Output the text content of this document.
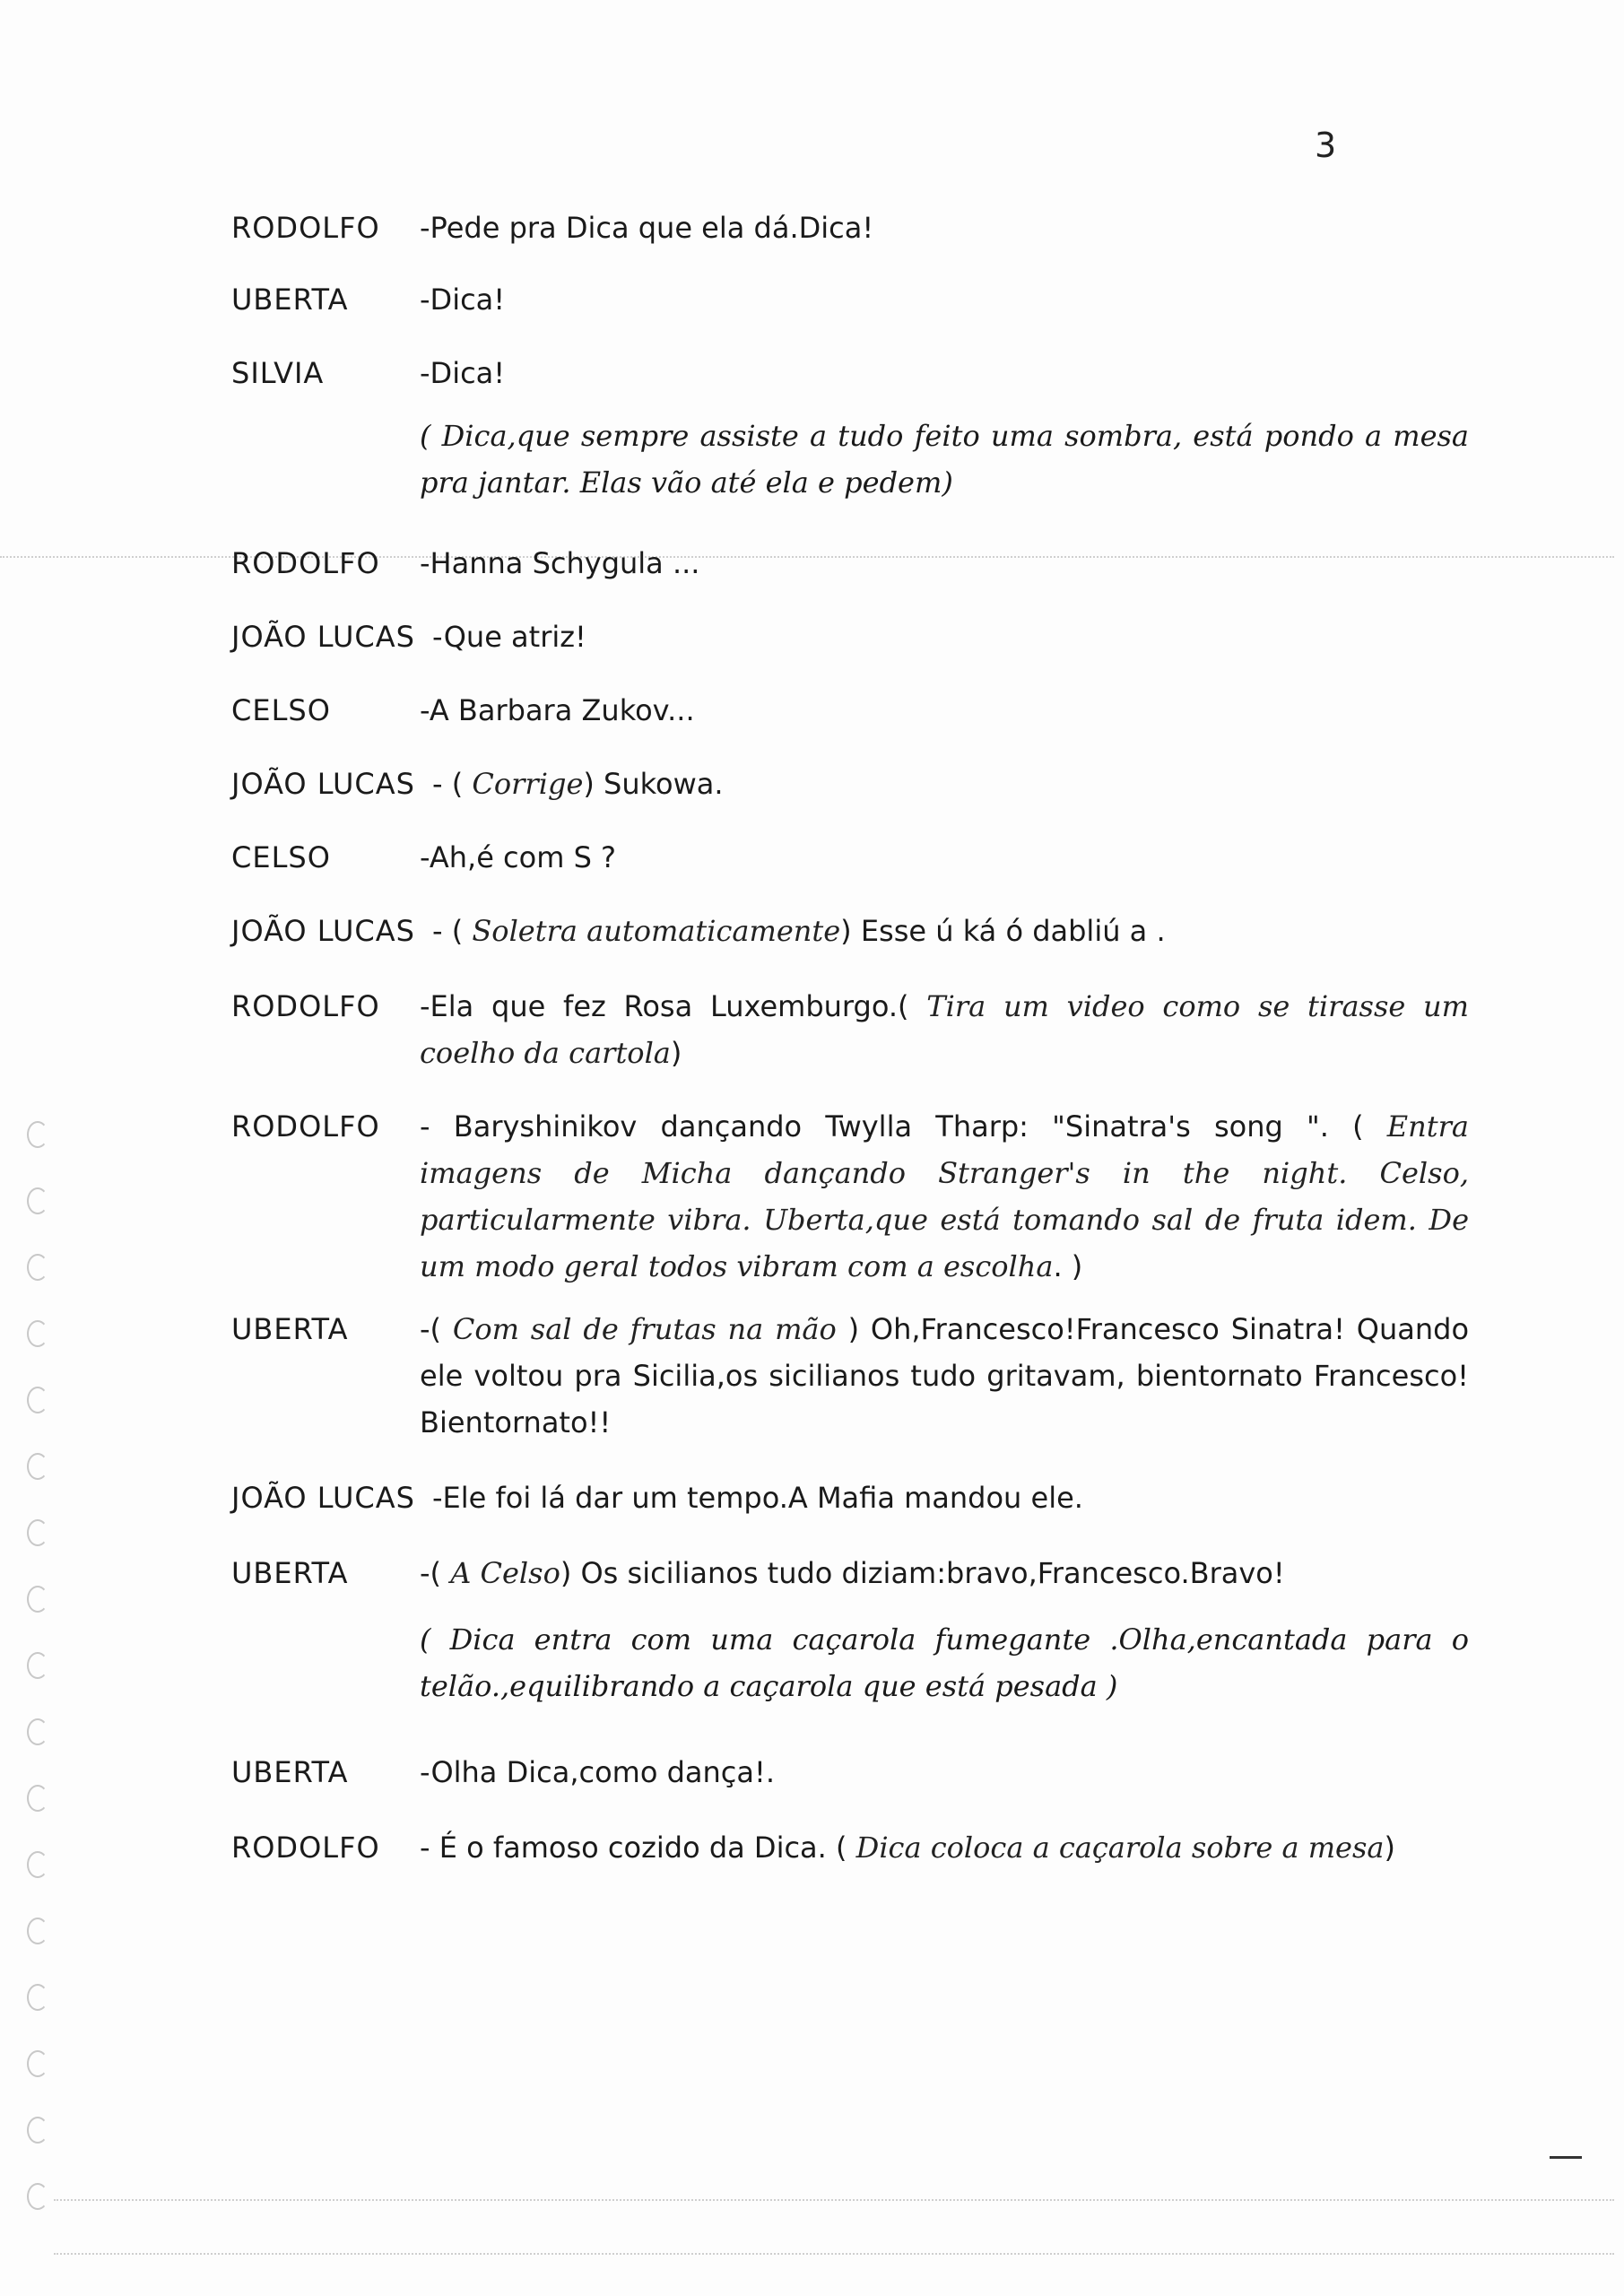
3
RODOLFO -Pede pra Dica que ela dá.Dica!
UBERTA -Dica!
SILVIA	-Dica!
( Dica,que sempre assiste a tudo feito uma sombra, está pondo a mesa pra jantar. Elas vão até ela e pedem)
RODOLFO -Hanna Schygula ...
JOÃO LUCAS -Que atriz!
CELSO	-A Barbara Zukov...
JOÃO LUCAS - ( Corrige) Sukowa.
CELSO	-Ah,é com S ?
JOÃO LUCAS - ( Soletra automaticamente) Esse ú ká ó dabliú a .
RODOLFO -Ela que fez Rosa Luxemburgo.( Tira um video como se tirasse um coelho da cartola)
RODOLFO - Baryshinikov dançando Twylla Tharp: "Sinatra's song ". ( Entra imagens de Micha dançando Stranger's in the night. Celso, particularmente vibra. Uberta,que está tomando sal de fruta idem. De um modo geral todos vibram com a escolha. )
UBERTA -( Com sal de frutas na mão ) Oh,Francesco!Francesco Sinatra! Quando ele voltou pra Sicilia,os sicilianos tudo gritavam, bientornato Francesco! Bientornato!!
JOÃO LUCAS -Ele foi lá dar um tempo.A Mafia mandou ele.
UBERTA -( A Celso) Os sicilianos tudo diziam:bravo,Francesco.Bravo!
( Dica entra com uma caçarola fumegante .Olha,encantada para o telão.,equilibrando a caçarola que está pesada )
UBERTA -Olha Dica,como dança!.
RODOLFO - É o famoso cozido da Dica. ( Dica coloca a caçarola sobre a mesa)
